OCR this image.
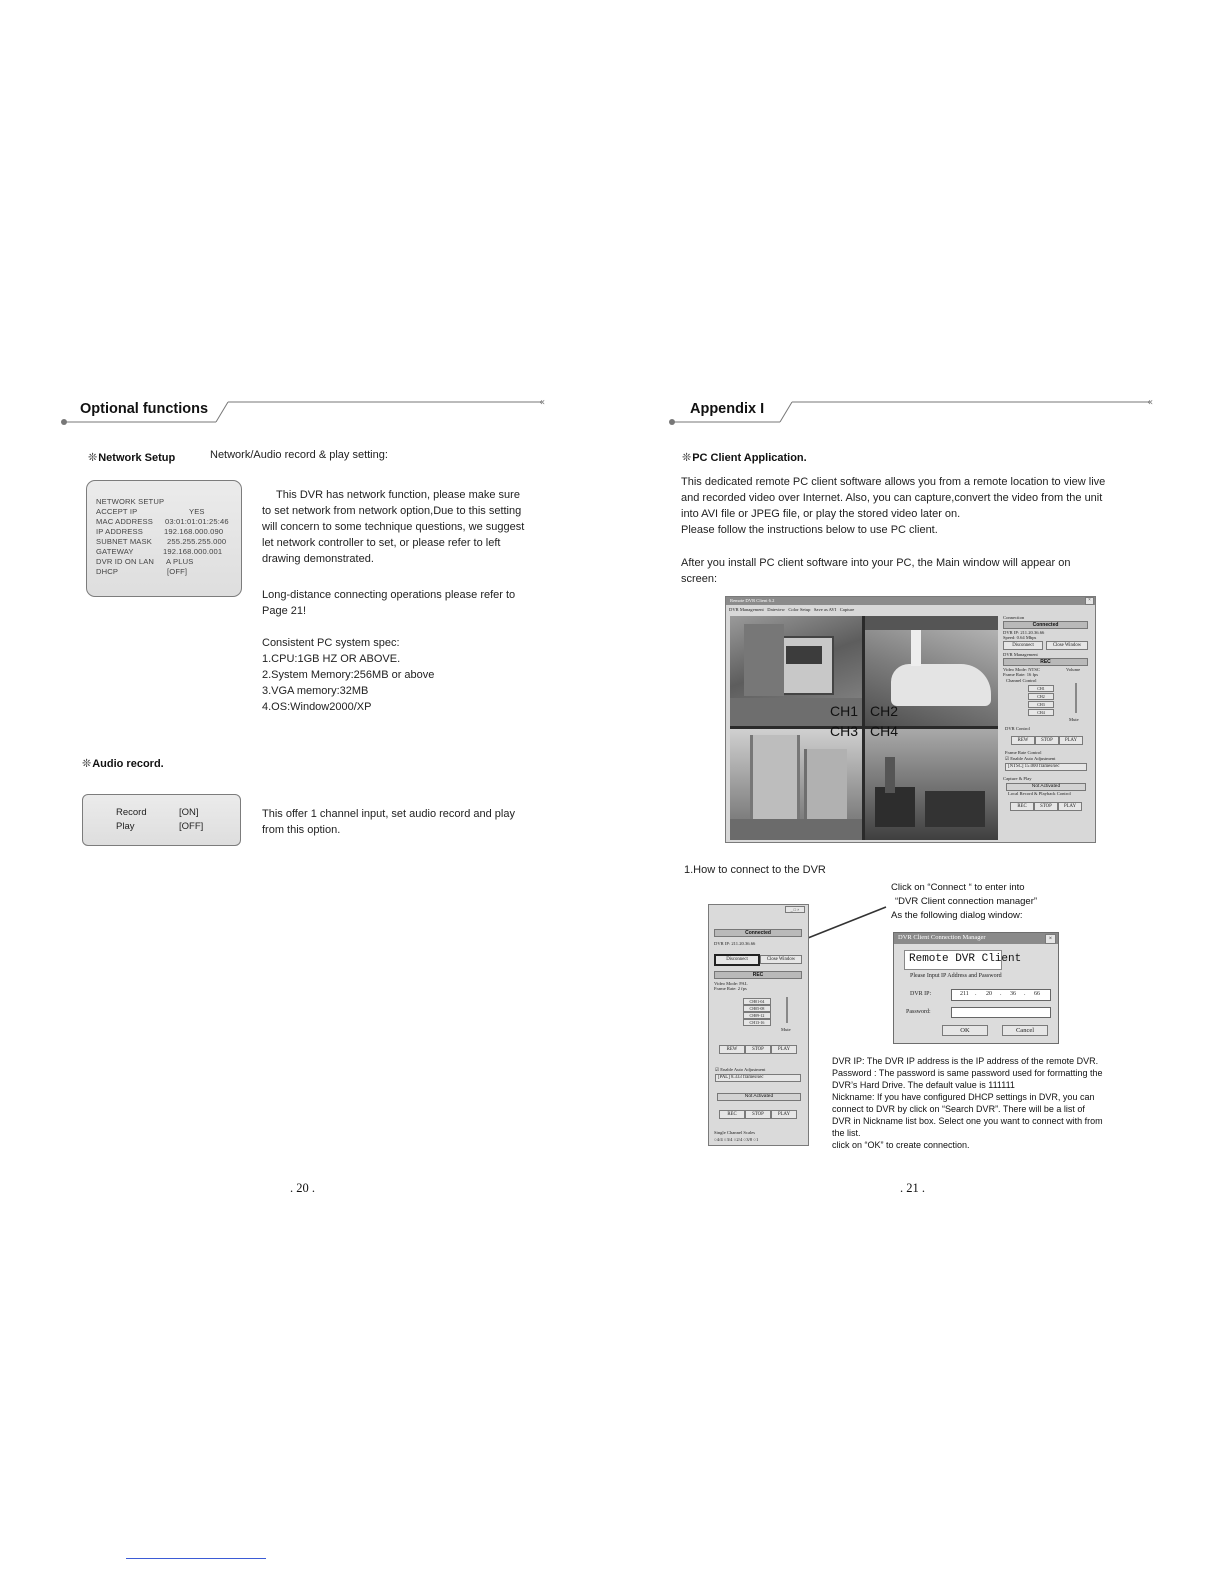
«
Optional functions
❊Network Setup	Network/Audio record & play setting:
NETWORK SETUP
ACCEPT IP	YES
MAC ADDRESS 03:01:01:01:25:46
IP ADDRESS	192.168.000.090
SUBNET MASK 255.255.255.000
GATEWAY	192.168.000.001
DVR ID ON LAN A PLUS
DHCP	[OFF]
This DVR has network function, please make sure
to set network from network option,Due to this setting
will concern to some technique questions, we suggest
let network controller to set, or please refer to left
drawing demonstrated.
Long-distance connecting operations please refer to
Page 21!
Consistent PC system spec:
1.CPU:1GB HZ OR ABOVE.
2.System Memory:256MB or above
3.VGA memory:32MB
4.OS:Window2000/XP
❊Audio record.
Record	[ON]
Play	[OFF]
This offer 1 channel input, set audio record and play
from this option.
. 20 .
«
Appendix I
❊PC Client Application.
This dedicated remote PC client software allows you from a remote location to view live
and recorded video over Internet. Also, you can capture,convert the video from the unit
into AVI file or JPEG file, or play the stored video later on.
Please follow the instructions below to use PC client.
After you install PC client software into your PC, the Main window will appear on
screen:
Remote DVR Client 6.2	×
DVR Management Dateview Color Setup Save as AVI Capture
CH1 CH2
CH3 CH4
Connection
Connected
DVR IP: 211.20.36.66
Speed: 0.64 Mbps
Disconnect	Close Window
DVR Management
REC
Video Mode: NTSC
Frame Rate: 16 fps
Volume
Channel Control
CH1
CH2
CH3
CH4
Mute
DVR Control
REW	STOP	PLAY
Frame Rate Control
☑ Enable Auto Adjustment
[NTSC] 15.000 frames/sec
Capture & Play
Not Activated
Local Record & Playback Control
REC	STOP	PLAY
1.How to connect to the DVR
Click on “Connect “ to enter into
“DVR Client connection manager”
As the following dialog window:
_ □ ×
Connected
DVR IP: 211.20.36.66
Disconnect	Close Window
REC
Video Mode: PAL
Frame Rate: 2 fps
CH01-04
CH05-08
CH09-12
CH13-16
Mute
REW	STOP	PLAY
☑ Enable Auto Adjustment
[PAL] 8.333 frames/sec
Not Activated
REC	STOP	PLAY
Single Channel Scales
○4/4 ○3/4 ○2/4 ○3/8 ○1
DVR Client Connection Manager	×
Remote DVR Client
Please Input IP Address and Password
DVR IP:	211 . 20 . 36 . 66
Password:
OK	Cancel
DVR IP: The DVR IP address is the IP address of the remote DVR.
Password : The password is same password used for formatting the
DVR’s Hard Drive. The default value is 111111
Nickname: If you have configured DHCP settings in DVR, you can
connect to DVR by click on “Search DVR”. There will be a list of
DVR in Nickname list box. Select one you want to connect with from
the list.
click on “OK” to create connection.
. 21 .
